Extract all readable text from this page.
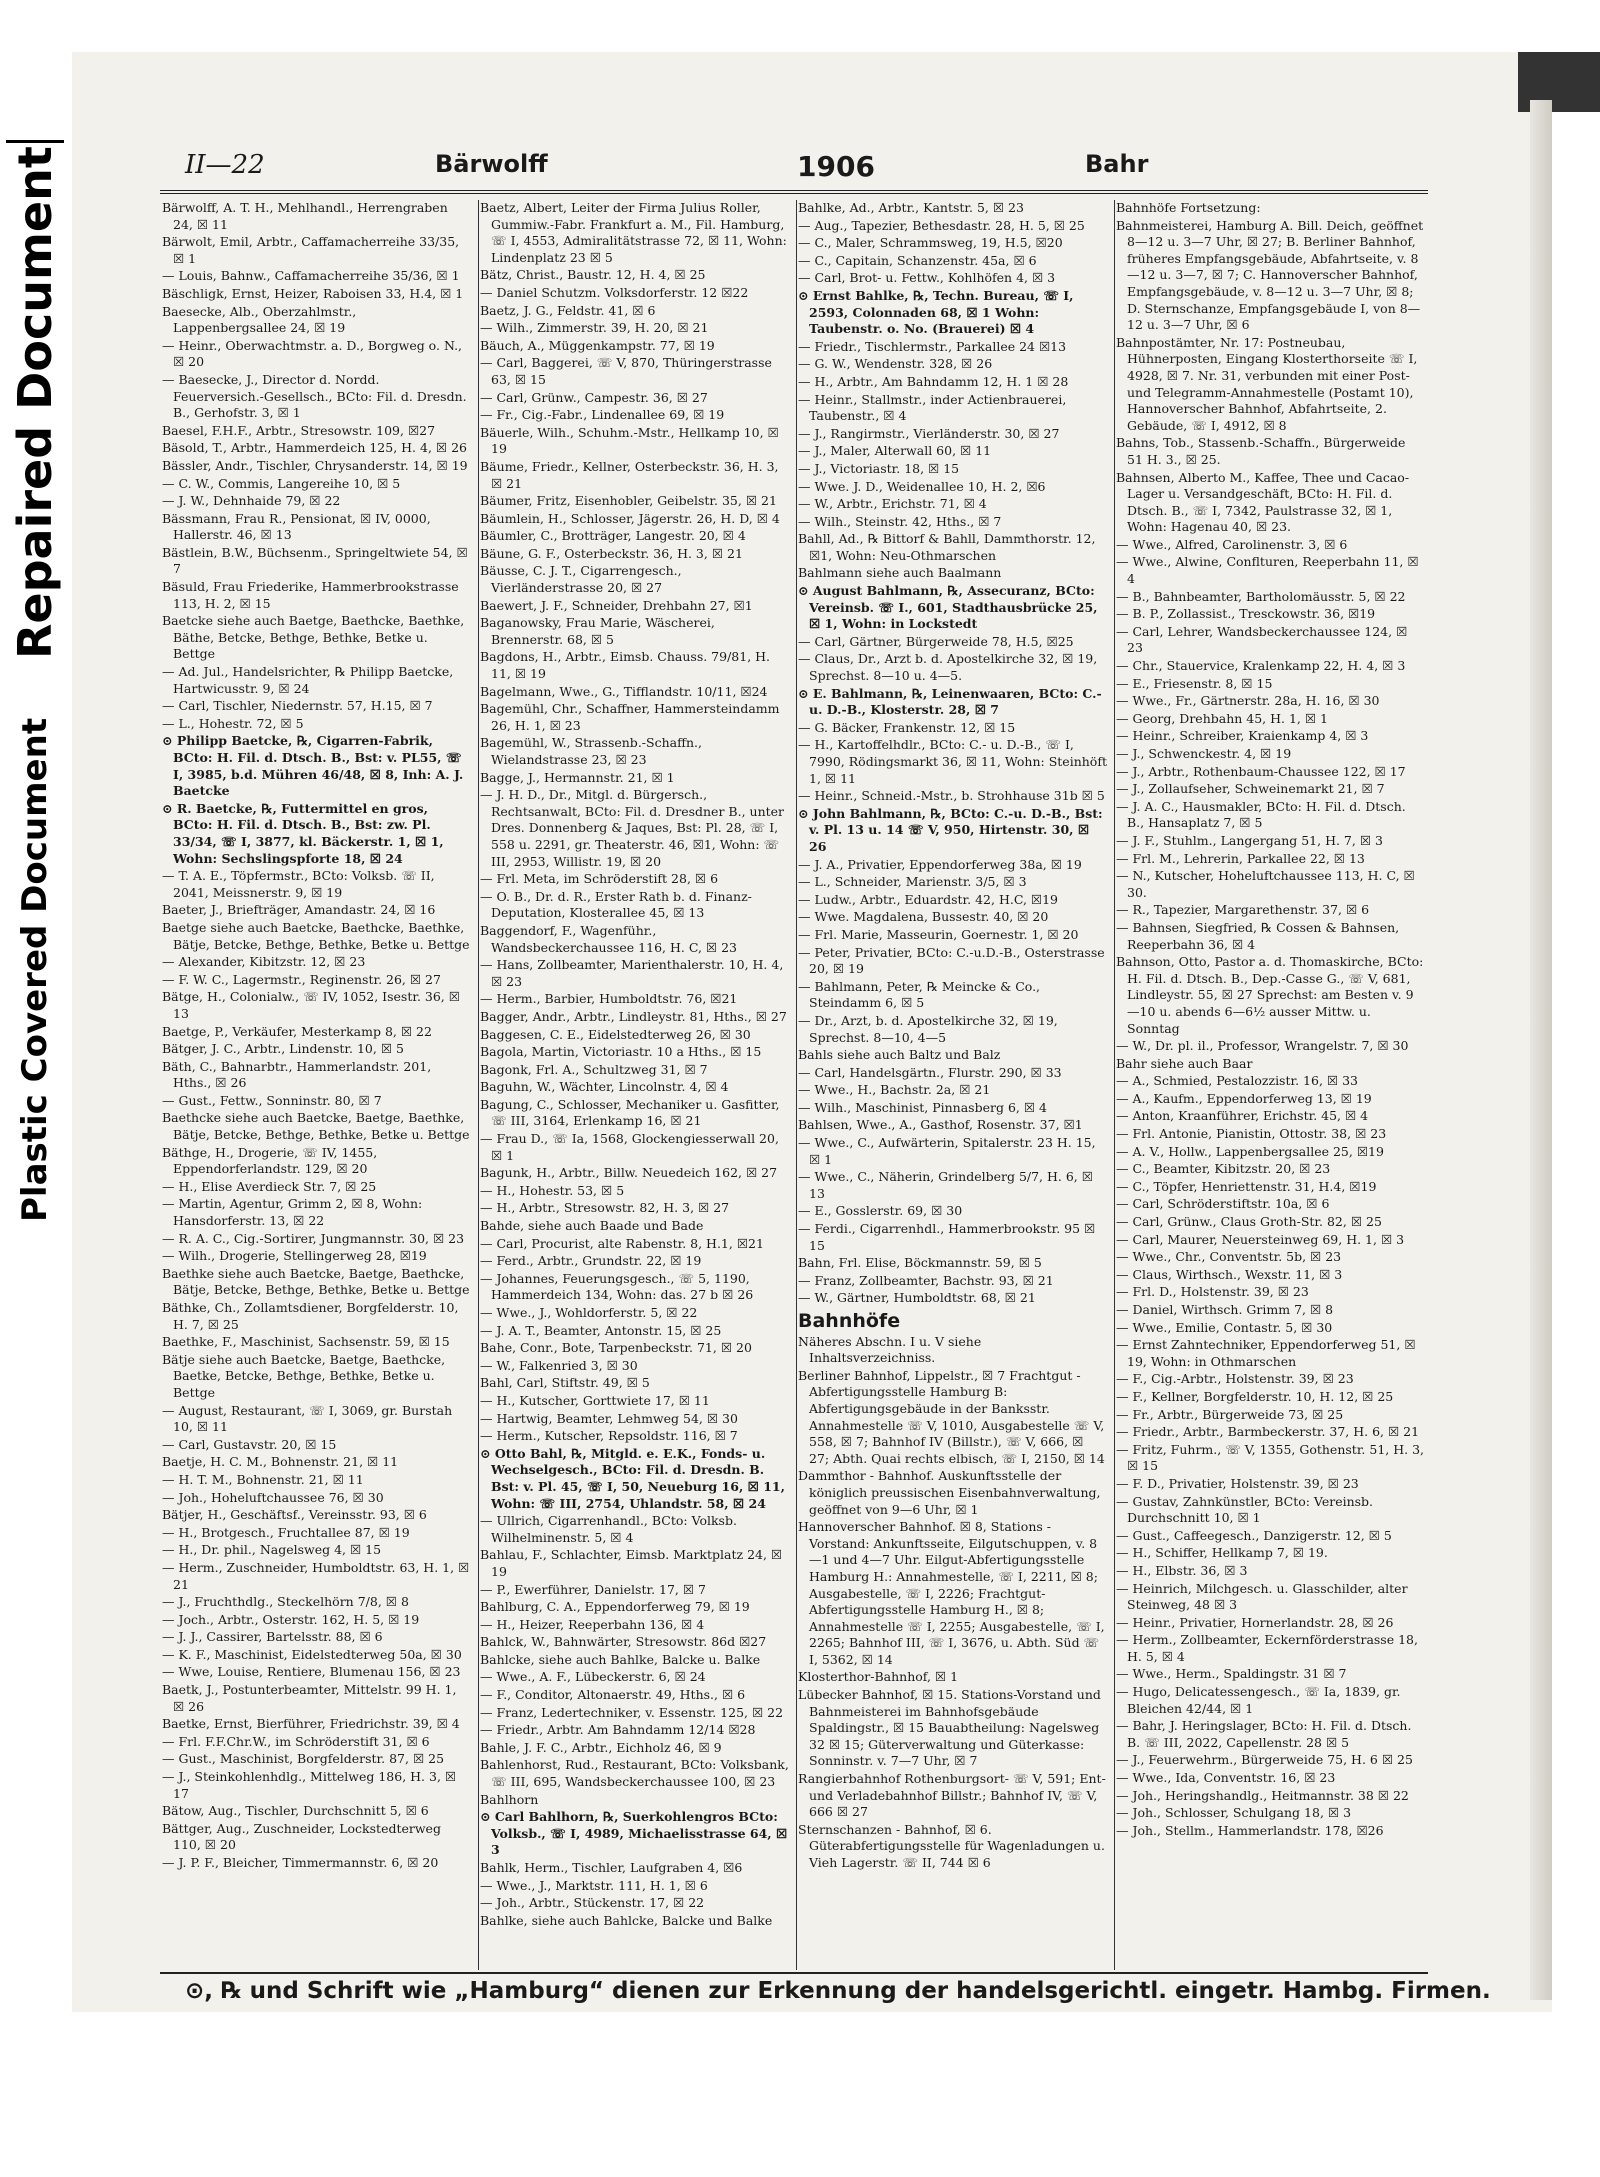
Repaired Document
Plastic Covered Document
II—22	Bärwolff	1906	Bahr
Bärwolff, A. T. H., Mehlhandl., Herrengraben 24, ☒ 11
Bärwolt, Emil, Arbtr., Caffamacherreihe 33/35, ☒ 1
— Louis, Bahnw., Caffamacherreihe 35/36, ☒ 1
Bäschligk, Ernst, Heizer, Raboisen 33, H.4, ☒ 1
Baesecke, Alb., Oberzahlmstr., Lappenbergsallee 24, ☒ 19
— Heinr., Oberwachtmstr. a. D., Borgweg o. N., ☒ 20
— Baesecke, J., Director d. Nordd. Feuerversich.-Gesellsch., BCto: Fil. d. Dresdn. B., Gerhofstr. 3, ☒ 1
Baesel, F.H.F., Arbtr., Stresowstr. 109, ☒27
Bäsold, T., Arbtr., Hammerdeich 125, H. 4, ☒ 26
Bässler, Andr., Tischler, Chrysanderstr. 14, ☒ 19
— C. W., Commis, Langereihe 10, ☒ 5
— J. W., Dehnhaide 79, ☒ 22
Bässmann, Frau R., Pensionat, ☒ IV, 0000, Hallerstr. 46, ☒ 13
Bästlein, B.W., Büchsenm., Springeltwiete 54, ☒ 7
Bäsuld, Frau Friederike, Hammerbrookstrasse 113, H. 2, ☒ 15
Baetcke siehe auch Baetge, Baethcke, Baethke, Bäthe, Betcke, Bethge, Bethke, Betke u. Bettge
— Ad. Jul., Handelsrichter, ℞ Philipp Baetcke, Hartwicusstr. 9, ☒ 24
— Carl, Tischler, Niedernstr. 57, H.15, ☒ 7
— L., Hohestr. 72, ☒ 5
⊙ Philipp Baetcke, ℞, Cigarren-Fabrik, BCto: H. Fil. d. Dtsch. B., Bst: v. PL55, ☏ I, 3985, b.d. Mühren 46/48, ☒ 8, Inh: A. J. Baetcke
⊙ R. Baetcke, ℞, Futtermittel en gros, BCto: H. Fil. d. Dtsch. B., Bst: zw. Pl. 33/34, ☏ I, 3877, kl. Bäckerstr. 1, ☒ 1, Wohn: Sechslingspforte 18, ☒ 24
— T. A. E., Töpfermstr., BCto: Volksb. ☏ II, 2041, Meissnerstr. 9, ☒ 19
Baeter, J., Briefträger, Amandastr. 24, ☒ 16
Baetge siehe auch Baetcke, Baethcke, Baethke, Bätje, Betcke, Bethge, Bethke, Betke u. Bettge
— Alexander, Kibitzstr. 12, ☒ 23
— F. W. C., Lagermstr., Reginenstr. 26, ☒ 27
Bätge, H., Colonialw., ☏ IV, 1052, Isestr. 36, ☒ 13
Baetge, P., Verkäufer, Mesterkamp 8, ☒ 22
Bätger, J. C., Arbtr., Lindenstr. 10, ☒ 5
Bäth, C., Bahnarbtr., Hammerlandstr. 201, Hths., ☒ 26
— Gust., Fettw., Sonninstr. 80, ☒ 7
Baethcke siehe auch Baetcke, Baetge, Baethke, Bätje, Betcke, Bethge, Bethke, Betke u. Bettge
Bäthge, H., Drogerie, ☏ IV, 1455, Eppendorferlandstr. 129, ☒ 20
— H., Elise Averdieck Str. 7, ☒ 25
— Martin, Agentur, Grimm 2, ☒ 8, Wohn: Hansdorferstr. 13, ☒ 22
— R. A. C., Cig.-Sortirer, Jungmannstr. 30, ☒ 23
— Wilh., Drogerie, Stellingerweg 28, ☒19
Baethke siehe auch Baetcke, Baetge, Baethcke, Bätje, Betcke, Bethge, Bethke, Betke u. Bettge
Bäthke, Ch., Zollamtsdiener, Borgfelderstr. 10, H. 7, ☒ 25
Baethke, F., Maschinist, Sachsenstr. 59, ☒ 15
Bätje siehe auch Baetcke, Baetge, Baethcke, Baetke, Betcke, Bethge, Bethke, Betke u. Bettge
— August, Restaurant, ☏ I, 3069, gr. Burstah 10, ☒ 11
— Carl, Gustavstr. 20, ☒ 15
Baetje, H. C. M., Bohnenstr. 21, ☒ 11
— H. T. M., Bohnenstr. 21, ☒ 11
— Joh., Hoheluftchaussee 76, ☒ 30
Bätjer, H., Geschäftsf., Vereinsstr. 93, ☒ 6
— H., Brotgesch., Fruchtallee 87, ☒ 19
— H., Dr. phil., Nagelsweg 4, ☒ 15
— Herm., Zuschneider, Humboldtstr. 63, H. 1, ☒ 21
— J., Fruchthdlg., Steckelhörn 7/8, ☒ 8
— Joch., Arbtr., Osterstr. 162, H. 5, ☒ 19
— J. J., Cassirer, Bartelsstr. 88, ☒ 6
— K. F., Maschinist, Eidelstedterweg 50a, ☒ 30
— Wwe, Louise, Rentiere, Blumenau 156, ☒ 23
Baetk, J., Postunterbeamter, Mittelstr. 99 H. 1, ☒ 26
Baetke, Ernst, Bierführer, Friedrichstr. 39, ☒ 4
— Frl. F.F.Chr.W., im Schröderstift 31, ☒ 6
— Gust., Maschinist, Borgfelderstr. 87, ☒ 25
— J., Steinkohlenhdlg., Mittelweg 186, H. 3, ☒ 17
Bätow, Aug., Tischler, Durchschnitt 5, ☒ 6
Bättger, Aug., Zuschneider, Lockstedterweg 110, ☒ 20
— J. P. F., Bleicher, Timmermannstr. 6, ☒ 20
Baetz, Albert, Leiter der Firma Julius Roller, Gummiw.-Fabr. Frankfurt a. M., Fil. Hamburg, ☏ I, 4553, Admiralitätstrasse 72, ☒ 11, Wohn: Lindenplatz 23 ☒ 5
Bätz, Christ., Baustr. 12, H. 4, ☒ 25
— Daniel Schutzm. Volksdorferstr. 12 ☒22
Baetz, J. G., Feldstr. 41, ☒ 6
— Wilh., Zimmerstr. 39, H. 20, ☒ 21
Bäuch, A., Müggenkampstr. 77, ☒ 19
— Carl, Baggerei, ☏ V, 870, Thüringerstrasse 63, ☒ 15
— Carl, Grünw., Campestr. 36, ☒ 27
— Fr., Cig.-Fabr., Lindenallee 69, ☒ 19
Bäuerle, Wilh., Schuhm.-Mstr., Hellkamp 10, ☒ 19
Bäume, Friedr., Kellner, Osterbeckstr. 36, H. 3, ☒ 21
Bäumer, Fritz, Eisenhobler, Geibelstr. 35, ☒ 21
Bäumlein, H., Schlosser, Jägerstr. 26, H. D, ☒ 4
Bäumler, C., Brotträger, Langestr. 20, ☒ 4
Bäune, G. F., Osterbeckstr. 36, H. 3, ☒ 21
Bäusse, C. J. T., Cigarrengesch., Vierländerstrasse 20, ☒ 27
Baewert, J. F., Schneider, Drehbahn 27, ☒1
Baganowsky, Frau Marie, Wäscherei, Brennerstr. 68, ☒ 5
Bagdons, H., Arbtr., Eimsb. Chauss. 79/81, H. 11, ☒ 19
Bagelmann, Wwe., G., Tifflandstr. 10/11, ☒24
Bagemühl, Chr., Schaffner, Hammersteindamm 26, H. 1, ☒ 23
Bagemühl, W., Strassenb.-Schaffn., Wielandstrasse 23, ☒ 23
Bagge, J., Hermannstr. 21, ☒ 1
— J. H. D., Dr., Mitgl. d. Bürgersch., Rechtsanwalt, BCto: Fil. d. Dresdner B., unter Dres. Donnenberg & Jaques, Bst: Pl. 28, ☏ I, 558 u. 2291, gr. Theaterstr. 46, ☒1, Wohn: ☏ III, 2953, Willistr. 19, ☒ 20
— Frl. Meta, im Schröderstift 28, ☒ 6
— O. B., Dr. d. R., Erster Rath b. d. Finanz-Deputation, Klosterallee 45, ☒ 13
Baggendorf, F., Wagenführ., Wandsbeckerchaussee 116, H. C, ☒ 23
— Hans, Zollbeamter, Marienthalerstr. 10, H. 4, ☒ 23
— Herm., Barbier, Humboldtstr. 76, ☒21
Bagger, Andr., Arbtr., Lindleystr. 81, Hths., ☒ 27
Baggesen, C. E., Eidelstedterweg 26, ☒ 30
Bagola, Martin, Victoriastr. 10 a Hths., ☒ 15
Bagonk, Frl. A., Schultzweg 31, ☒ 7
Baguhn, W., Wächter, Lincolnstr. 4, ☒ 4
Bagung, C., Schlosser, Mechaniker u. Gasfitter, ☏ III, 3164, Erlenkamp 16, ☒ 21
— Frau D., ☏ Ia, 1568, Glockengiesserwall 20, ☒ 1
Bagunk, H., Arbtr., Billw. Neuedeich 162, ☒ 27
— H., Hohestr. 53, ☒ 5
— H., Arbtr., Stresowstr. 82, H. 3, ☒ 27
Bahde, siehe auch Baade und Bade
— Carl, Procurist, alte Rabenstr. 8, H.1, ☒21
— Ferd., Arbtr., Grundstr. 22, ☒ 19
— Johannes, Feuerungsgesch., ☏ 5, 1190, Hammerdeich 134, Wohn: das. 27 b ☒ 26
— Wwe., J., Wohldorferstr. 5, ☒ 22
— J. A. T., Beamter, Antonstr. 15, ☒ 25
Bahe, Conr., Bote, Tarpenbeckstr. 71, ☒ 20
— W., Falkenried 3, ☒ 30
Bahl, Carl, Stiftstr. 49, ☒ 5
— H., Kutscher, Gorttwiete 17, ☒ 11
— Hartwig, Beamter, Lehmweg 54, ☒ 30
— Herm., Kutscher, Repsoldstr. 116, ☒ 7
⊙ Otto Bahl, ℞, Mitgld. e. E.K., Fonds- u. Wechselgesch., BCto: Fil. d. Dresdn. B. Bst: v. Pl. 45, ☏ I, 50, Neueburg 16, ☒ 11, Wohn: ☏ III, 2754, Uhlandstr. 58, ☒ 24
— Ullrich, Cigarrenhandl., BCto: Volksb. Wilhelminenstr. 5, ☒ 4
Bahlau, F., Schlachter, Eimsb. Marktplatz 24, ☒ 19
— P., Ewerführer, Danielstr. 17, ☒ 7
Bahlburg, C. A., Eppendorferweg 79, ☒ 19
— H., Heizer, Reeperbahn 136, ☒ 4
Bahlck, W., Bahnwärter, Stresowstr. 86d ☒27
Bahlcke, siehe auch Bahlke, Balcke u. Balke
— Wwe., A. F., Lübeckerstr. 6, ☒ 24
— F., Conditor, Altonaerstr. 49, Hths., ☒ 6
— Franz, Ledertechniker, v. Essenstr. 125, ☒ 22
— Friedr., Arbtr. Am Bahndamm 12/14 ☒28
Bahle, J. F. C., Arbtr., Eichholz 46, ☒ 9
Bahlenhorst, Rud., Restaurant, BCto: Volksbank, ☏ III, 695, Wandsbeckerchaussee 100, ☒ 23
Bahlhorn
⊙ Carl Bahlhorn, ℞, Suerkohlengros BCto: Volksb., ☏ I, 4989, Michaelisstrasse 64, ☒ 3
Bahlk, Herm., Tischler, Laufgraben 4, ☒6
— Wwe., J., Marktstr. 111, H. 1, ☒ 6
— Joh., Arbtr., Stückenstr. 17, ☒ 22
Bahlke, siehe auch Bahlcke, Balcke und Balke
Bahlke, Ad., Arbtr., Kantstr. 5, ☒ 23
— Aug., Tapezier, Bethesdastr. 28, H. 5, ☒ 25
— C., Maler, Schrammsweg, 19, H.5, ☒20
— C., Capitain, Schanzenstr. 45a, ☒ 6
— Carl, Brot- u. Fettw., Kohlhöfen 4, ☒ 3
⊙ Ernst Bahlke, ℞, Techn. Bureau, ☏ I, 2593, Colonnaden 68, ☒ 1 Wohn: Taubenstr. o. No. (Brauerei) ☒ 4
— Friedr., Tischlermstr., Parkallee 24 ☒13
— G. W., Wendenstr. 328, ☒ 26
— H., Arbtr., Am Bahndamm 12, H. 1 ☒ 28
— Heinr., Stallmstr., inder Actienbrauerei, Taubenstr., ☒ 4
— J., Rangirmstr., Vierländerstr. 30, ☒ 27
— J., Maler, Alterwall 60, ☒ 11
— J., Victoriastr. 18, ☒ 15
— Wwe. J. D., Weidenallee 10, H. 2, ☒6
— W., Arbtr., Erichstr. 71, ☒ 4
— Wilh., Steinstr. 42, Hths., ☒ 7
Bahll, Ad., ℞ Bittorf & Bahll, Dammthorstr. 12, ☒1, Wohn: Neu-Othmarschen
Bahlmann siehe auch Baalmann
⊙ August Bahlmann, ℞, Assecuranz, BCto: Vereinsb. ☏ I., 601, Stadthausbrücke 25, ☒ 1, Wohn: in Lockstedt
— Carl, Gärtner, Bürgerweide 78, H.5, ☒25
— Claus, Dr., Arzt b. d. Apostelkirche 32, ☒ 19, Sprechst. 8—10 u. 4—5.
⊙ E. Bahlmann, ℞, Leinenwaaren, BCto: C.-u. D.-B., Klosterstr. 28, ☒ 7
— G. Bäcker, Frankenstr. 12, ☒ 15
— H., Kartoffelhdlr., BCto: C.- u. D.-B., ☏ I, 7990, Rödingsmarkt 36, ☒ 11, Wohn: Steinhöft 1, ☒ 11
— Heinr., Schneid.-Mstr., b. Strohhause 31b ☒ 5
⊙ John Bahlmann, ℞, BCto: C.-u. D.-B., Bst: v. Pl. 13 u. 14 ☏ V, 950, Hirtenstr. 30, ☒ 26
— J. A., Privatier, Eppendorferweg 38a, ☒ 19
— L., Schneider, Marienstr. 3/5, ☒ 3
— Ludw., Arbtr., Eduardstr. 42, H.C, ☒19
— Wwe. Magdalena, Bussestr. 40, ☒ 20
— Frl. Marie, Masseurin, Goernestr. 1, ☒ 20
— Peter, Privatier, BCto: C.-u.D.-B., Osterstrasse 20, ☒ 19
— Bahlmann, Peter, ℞ Meincke & Co., Steindamm 6, ☒ 5
— Dr., Arzt, b. d. Apostelkirche 32, ☒ 19, Sprechst. 8—10, 4—5
Bahls siehe auch Baltz und Balz
— Carl, Handelsgärtn., Flurstr. 290, ☒ 33
— Wwe., H., Bachstr. 2a, ☒ 21
— Wilh., Maschinist, Pinnasberg 6, ☒ 4
Bahlsen, Wwe., A., Gasthof, Rosenstr. 37, ☒1
— Wwe., C., Aufwärterin, Spitalerstr. 23 H. 15, ☒ 1
— Wwe., C., Näherin, Grindelberg 5/7, H. 6, ☒ 13
— E., Gosslerstr. 69, ☒ 30
— Ferdi., Cigarrenhdl., Hammerbrookstr. 95 ☒ 15
Bahn, Frl. Elise, Böckmannstr. 59, ☒ 5
— Franz, Zollbeamter, Bachstr. 93, ☒ 21
— W., Gärtner, Humboldtstr. 68, ☒ 21
Bahnhöfe
Näheres Abschn. I u. V siehe Inhaltsverzeichniss.
Berliner Bahnhof, Lippelstr., ☒ 7 Frachtgut - Abfertigungsstelle Hamburg B: Abfertigungsgebäude in der Banksstr. Annahmestelle ☏ V, 1010, Ausgabestelle ☏ V, 558, ☒ 7; Bahnhof IV (Billstr.), ☏ V, 666, ☒ 27; Abth. Quai rechts elbisch, ☏ I, 2150, ☒ 14
Dammthor - Bahnhof. Auskunftsstelle der königlich preussischen Eisenbahnverwaltung, geöffnet von 9—6 Uhr, ☒ 1
Hannoverscher Bahnhof. ☒ 8, Stations - Vorstand: Ankunftsseite, Eilgutschuppen, v. 8—1 und 4—7 Uhr. Eilgut-Abfertigungsstelle Hamburg H.: Annahmestelle, ☏ I, 2211, ☒ 8; Ausgabestelle, ☏ I, 2226; Frachtgut-Abfertigungsstelle Hamburg H., ☒ 8; Annahmestelle ☏ I, 2255; Ausgabestelle, ☏ I, 2265; Bahnhof III, ☏ I, 3676, u. Abth. Süd ☏ I, 5362, ☒ 14
Klosterthor-Bahnhof, ☒ 1
Lübecker Bahnhof, ☒ 15. Stations-Vorstand und Bahnmeisterei im Bahnhofsgebäude Spaldingstr., ☒ 15 Bauabtheilung: Nagelsweg 32 ☒ 15; Güterverwaltung und Güterkasse: Sonninstr. v. 7—7 Uhr, ☒ 7
Rangierbahnhof Rothenburgsort- ☏ V, 591; Ent- und Verladebahnhof Billstr.; Bahnhof IV, ☏ V, 666 ☒ 27
Sternschanzen - Bahnhof, ☒ 6. Güterabfertigungsstelle für Wagenladungen u. Vieh Lagerstr. ☏ II, 744 ☒ 6
Bahnhöfe Fortsetzung:
Bahnmeisterei, Hamburg A. Bill. Deich, geöffnet 8—12 u. 3—7 Uhr, ☒ 27; B. Berliner Bahnhof, früheres Empfangsgebäude, Abfahrtseite, v. 8—12 u. 3—7, ☒ 7; C. Hannoverscher Bahnhof, Empfangsgebäude, v. 8—12 u. 3—7 Uhr, ☒ 8; D. Sternschanze, Empfangsgebäude I, von 8—12 u. 3—7 Uhr, ☒ 6
Bahnpostämter, Nr. 17: Postneubau, Hühnerposten, Eingang Klosterthorseite ☏ I, 4928, ☒ 7. Nr. 31, verbunden mit einer Post- und Telegramm-Annahmestelle (Postamt 10), Hannoverscher Bahnhof, Abfahrtseite, 2. Gebäude, ☏ I, 4912, ☒ 8
Bahns, Tob., Stassenb.-Schaffn., Bürgerweide 51 H. 3., ☒ 25.
Bahnsen, Alberto M., Kaffee, Thee und Cacao-Lager u. Versandgeschäft, BCto: H. Fil. d. Dtsch. B., ☏ I, 7342, Paulstrasse 32, ☒ 1, Wohn: Hagenau 40, ☒ 23.
— Wwe., Alfred, Carolinenstr. 3, ☒ 6
— Wwe., Alwine, Conflturen, Reeperbahn 11, ☒ 4
— B., Bahnbeamter, Bartholomäusstr. 5, ☒ 22
— B. P., Zollassist., Tresckowstr. 36, ☒19
— Carl, Lehrer, Wandsbeckerchaussee 124, ☒ 23
— Chr., Stauervice, Kralenkamp 22, H. 4, ☒ 3
— E., Friesenstr. 8, ☒ 15
— Wwe., Fr., Gärtnerstr. 28a, H. 16, ☒ 30
— Georg, Drehbahn 45, H. 1, ☒ 1
— Heinr., Schreiber, Kraienkamp 4, ☒ 3
— J., Schwenckestr. 4, ☒ 19
— J., Arbtr., Rothenbaum-Chaussee 122, ☒ 17
— J., Zollaufseher, Schweinemarkt 21, ☒ 7
— J. A. C., Hausmakler, BCto: H. Fil. d. Dtsch. B., Hansaplatz 7, ☒ 5
— J. F., Stuhlm., Langergang 51, H. 7, ☒ 3
— Frl. M., Lehrerin, Parkallee 22, ☒ 13
— N., Kutscher, Hoheluftchaussee 113, H. C, ☒ 30.
— R., Tapezier, Margarethenstr. 37, ☒ 6
— Bahnsen, Siegfried, ℞ Cossen & Bahnsen, Reeperbahn 36, ☒ 4
Bahnson, Otto, Pastor a. d. Thomaskirche, BCto: H. Fil. d. Dtsch. B., Dep.-Casse G., ☏ V, 681, Lindleystr. 55, ☒ 27 Sprechst: am Besten v. 9—10 u. abends 6—6½ ausser Mittw. u. Sonntag
— W., Dr. pl. il., Professor, Wrangelstr. 7, ☒ 30
Bahr siehe auch Baar
— A., Schmied, Pestalozzistr. 16, ☒ 33
— A., Kaufm., Eppendorferweg 13, ☒ 19
— Anton, Kraanführer, Erichstr. 45, ☒ 4
— Frl. Antonie, Pianistin, Ottostr. 38, ☒ 23
— A. V., Hollw., Lappenbergsallee 25, ☒19
— C., Beamter, Kibitzstr. 20, ☒ 23
— C., Töpfer, Henriettenstr. 31, H.4, ☒19
— Carl, Schröderstiftstr. 10a, ☒ 6
— Carl, Grünw., Claus Groth-Str. 82, ☒ 25
— Carl, Maurer, Neuersteinweg 69, H. 1, ☒ 3
— Wwe., Chr., Conventstr. 5b, ☒ 23
— Claus, Wirthsch., Wexstr. 11, ☒ 3
— Frl. D., Holstenstr. 39, ☒ 23
— Daniel, Wirthsch. Grimm 7, ☒ 8
— Wwe., Emilie, Contastr. 5, ☒ 30
— Ernst Zahntechniker, Eppendorferweg 51, ☒ 19, Wohn: in Othmarschen
— F., Cig.-Arbtr., Holstenstr. 39, ☒ 23
— F., Kellner, Borgfelderstr. 10, H. 12, ☒ 25
— Fr., Arbtr., Bürgerweide 73, ☒ 25
— Friedr., Arbtr., Barmbeckerstr. 37, H. 6, ☒ 21
— Fritz, Fuhrm., ☏ V, 1355, Gothenstr. 51, H. 3, ☒ 15
— F. D., Privatier, Holstenstr. 39, ☒ 23
— Gustav, Zahnkünstler, BCto: Vereinsb. Durchschnitt 10, ☒ 1
— Gust., Caffeegesch., Danzigerstr. 12, ☒ 5
— H., Schiffer, Hellkamp 7, ☒ 19.
— H., Elbstr. 36, ☒ 3
— Heinrich, Milchgesch. u. Glasschilder, alter Steinweg, 48 ☒ 3
— Heinr., Privatier, Hornerlandstr. 28, ☒ 26
— Herm., Zollbeamter, Eckernförderstrasse 18, H. 5, ☒ 4
— Wwe., Herm., Spaldingstr. 31 ☒ 7
— Hugo, Delicatessengesch., ☏ Ia, 1839, gr. Bleichen 42/44, ☒ 1
— Bahr, J. Heringslager, BCto: H. Fil. d. Dtsch. B. ☏ III, 2022, Capellenstr. 28 ☒ 5
— J., Feuerwehrm., Bürgerweide 75, H. 6 ☒ 25
— Wwe., Ida, Conventstr. 16, ☒ 23
— Joh., Heringshandlg., Heitmannstr. 38 ☒ 22
— Joh., Schlosser, Schulgang 18, ☒ 3
— Joh., Stellm., Hammerlandstr. 178, ☒26
⊙, ℞ und Schrift wie „Hamburg“ dienen zur Erkennung der handelsgerichtl. eingetr. Hambg. Firmen.
